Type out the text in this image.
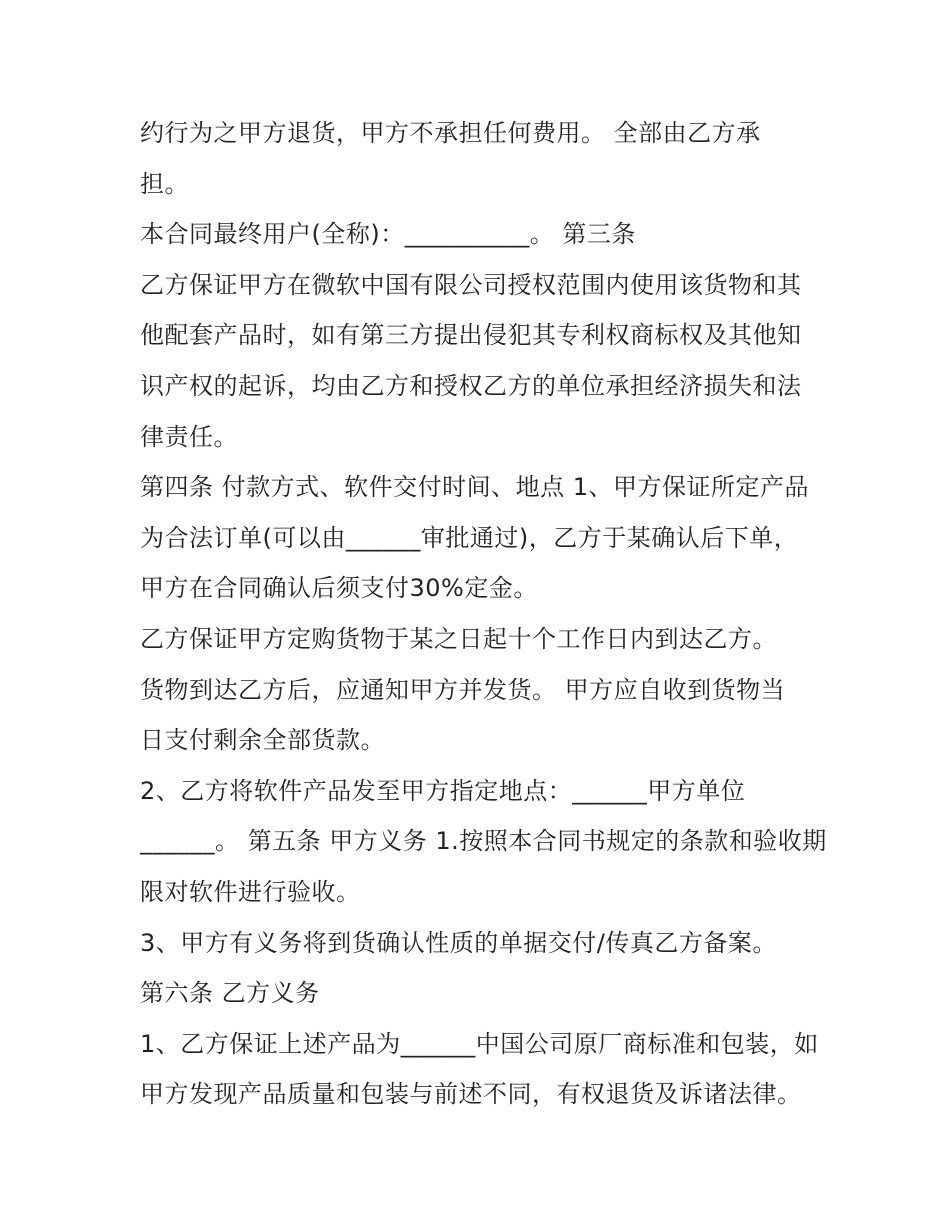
约行为之甲方退货，甲方不承担任何费用。 全部由乙方承
担。
本合同最终用户(全称)：__________。 第三条
乙方保证甲方在微软中国有限公司授权范围内使用该货物和其
他配套产品时，如有第三方提出侵犯其专利权商标权及其他知
识产权的起诉，均由乙方和授权乙方的单位承担经济损失和法
律责任。
第四条 付款方式、软件交付时间、地点 1、甲方保证所定产品
为合法订单(可以由______审批通过)，乙方于某确认后下单，
甲方在合同确认后须支付30%定金。
乙方保证甲方定购货物于某之日起十个工作日内到达乙方。
货物到达乙方后，应通知甲方并发货。 甲方应自收到货物当
日支付剩余全部货款。
2、乙方将软件产品发至甲方指定地点：______甲方单位
______。 第五条 甲方义务 1.按照本合同书规定的条款和验收期
限对软件进行验收。
3、甲方有义务将到货确认性质的单据交付/传真乙方备案。
第六条 乙方义务
1、乙方保证上述产品为______中国公司原厂商标准和包装，如
甲方发现产品质量和包装与前述不同，有权退货及诉诸法律。
